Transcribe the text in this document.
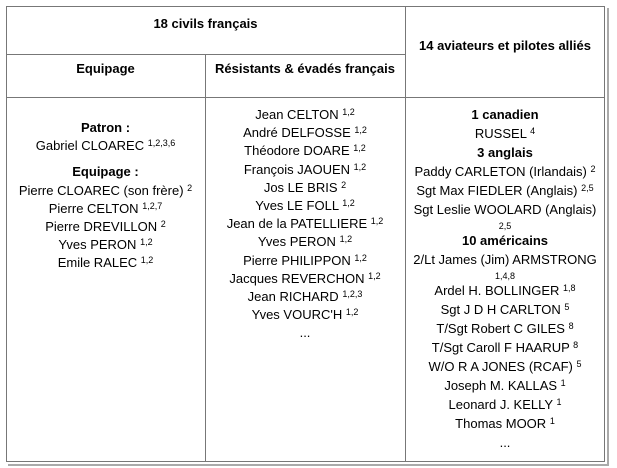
18 civils français
14 aviateurs et pilotes alliés
Equipage	Résistants & évadés français
Patron :
Gabriel CLOAREC $^{1,2,3,6}$
Equipage :
Pierre CLOAREC (son frère) $^2$
Pierre CELTON $^{1,2,7}$
Pierre DREVILLON $^2$
Yves PERON $^{1,2}$
Emile RALEC $^{1,2}$
Jean CELTON $^{1,2}$
André DELFOSSE $^{1,2}$
Théodore DOARE $^{1,2}$
François JAOUEN $^{1,2}$
Jos LE BRIS $^2$
Yves LE FOLL $^{1,2}$
Jean de la PATELLIERE $^{1,2}$
Yves PERON $^{1,2}$
Pierre PHILIPPON $^{1,2}$
Jacques REVERCHON $^{1,2}$
Jean RICHARD $^{1,2,3}$
Yves VOURC'H $^{1,2}$
...
1 canadien
RUSSEL $^4$
3 anglais
Paddy CARLETON (Irlandais) $^2$
Sgt Max FIEDLER (Anglais) $^{2,5}$
Sgt Leslie WOOLARD (Anglais)
2,5
10 américains
2/Lt James (Jim) ARMSTRONG
1,4,8
Ardel H. BOLLINGER $^{1,8}$
Sgt J D H CARLTON $^5$
T/Sgt Robert C GILES $^8$
T/Sgt Caroll F HAARUP $^8$
W/O R A JONES (RCAF) $^5$
Joseph M. KALLAS $^1$
Leonard J. KELLY $^1$
Thomas MOOR $^1$
...
